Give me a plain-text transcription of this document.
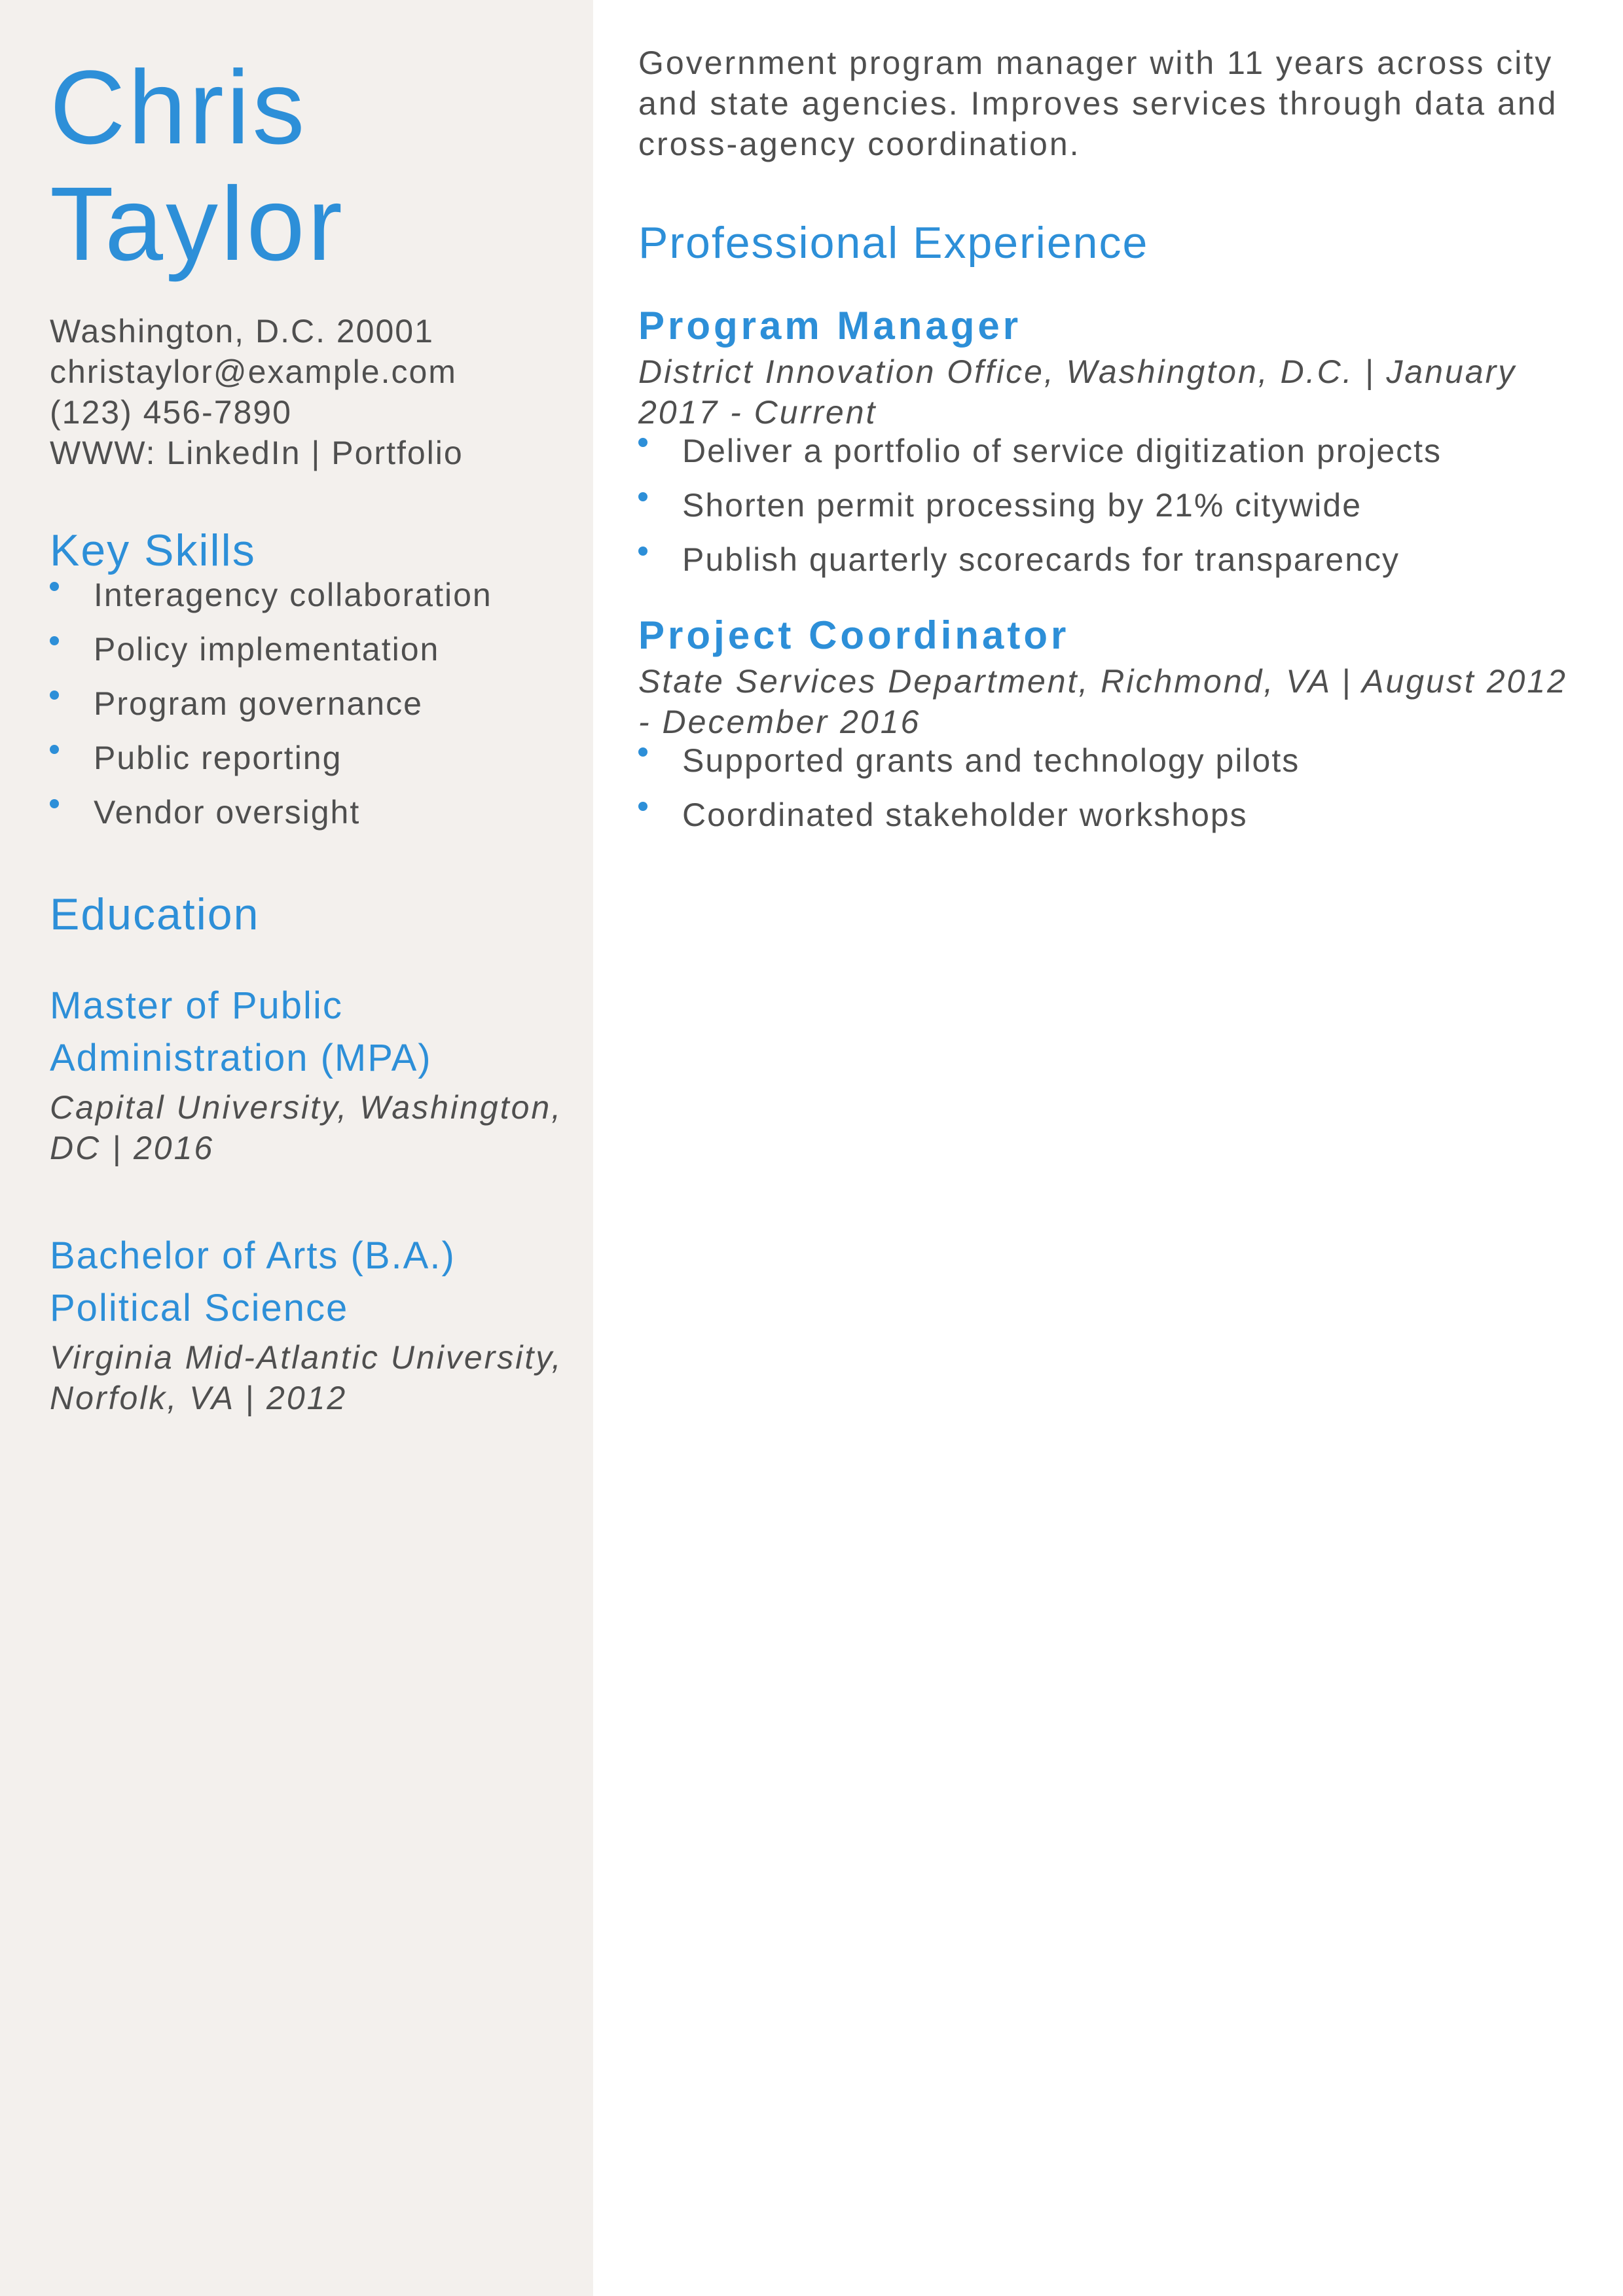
Chris
Taylor
Washington, D.C. 20001
christaylor@example.com
(123) 456-7890
WWW: LinkedIn | Portfolio
Key Skills
Interagency collaboration
Policy implementation
Program governance
Public reporting
Vendor oversight
Education
Master of Public Administration (MPA)
Capital University, Washington, DC | 2016
Bachelor of Arts (B.A.) Political Science
Virginia Mid-Atlantic University, Norfolk, VA | 2012

Government program manager with 11 years across city and state agencies. Improves services through data and cross-agency coordination.

Professional Experience
Program Manager
District Innovation Office, Washington, D.C. | January 2017 - Current
Deliver a portfolio of service digitization projects
Shorten permit processing by 21% citywide
Publish quarterly scorecards for transparency
Project Coordinator
State Services Department, Richmond, VA | August 2012 - December 2016
Supported grants and technology pilots
Coordinated stakeholder workshops
